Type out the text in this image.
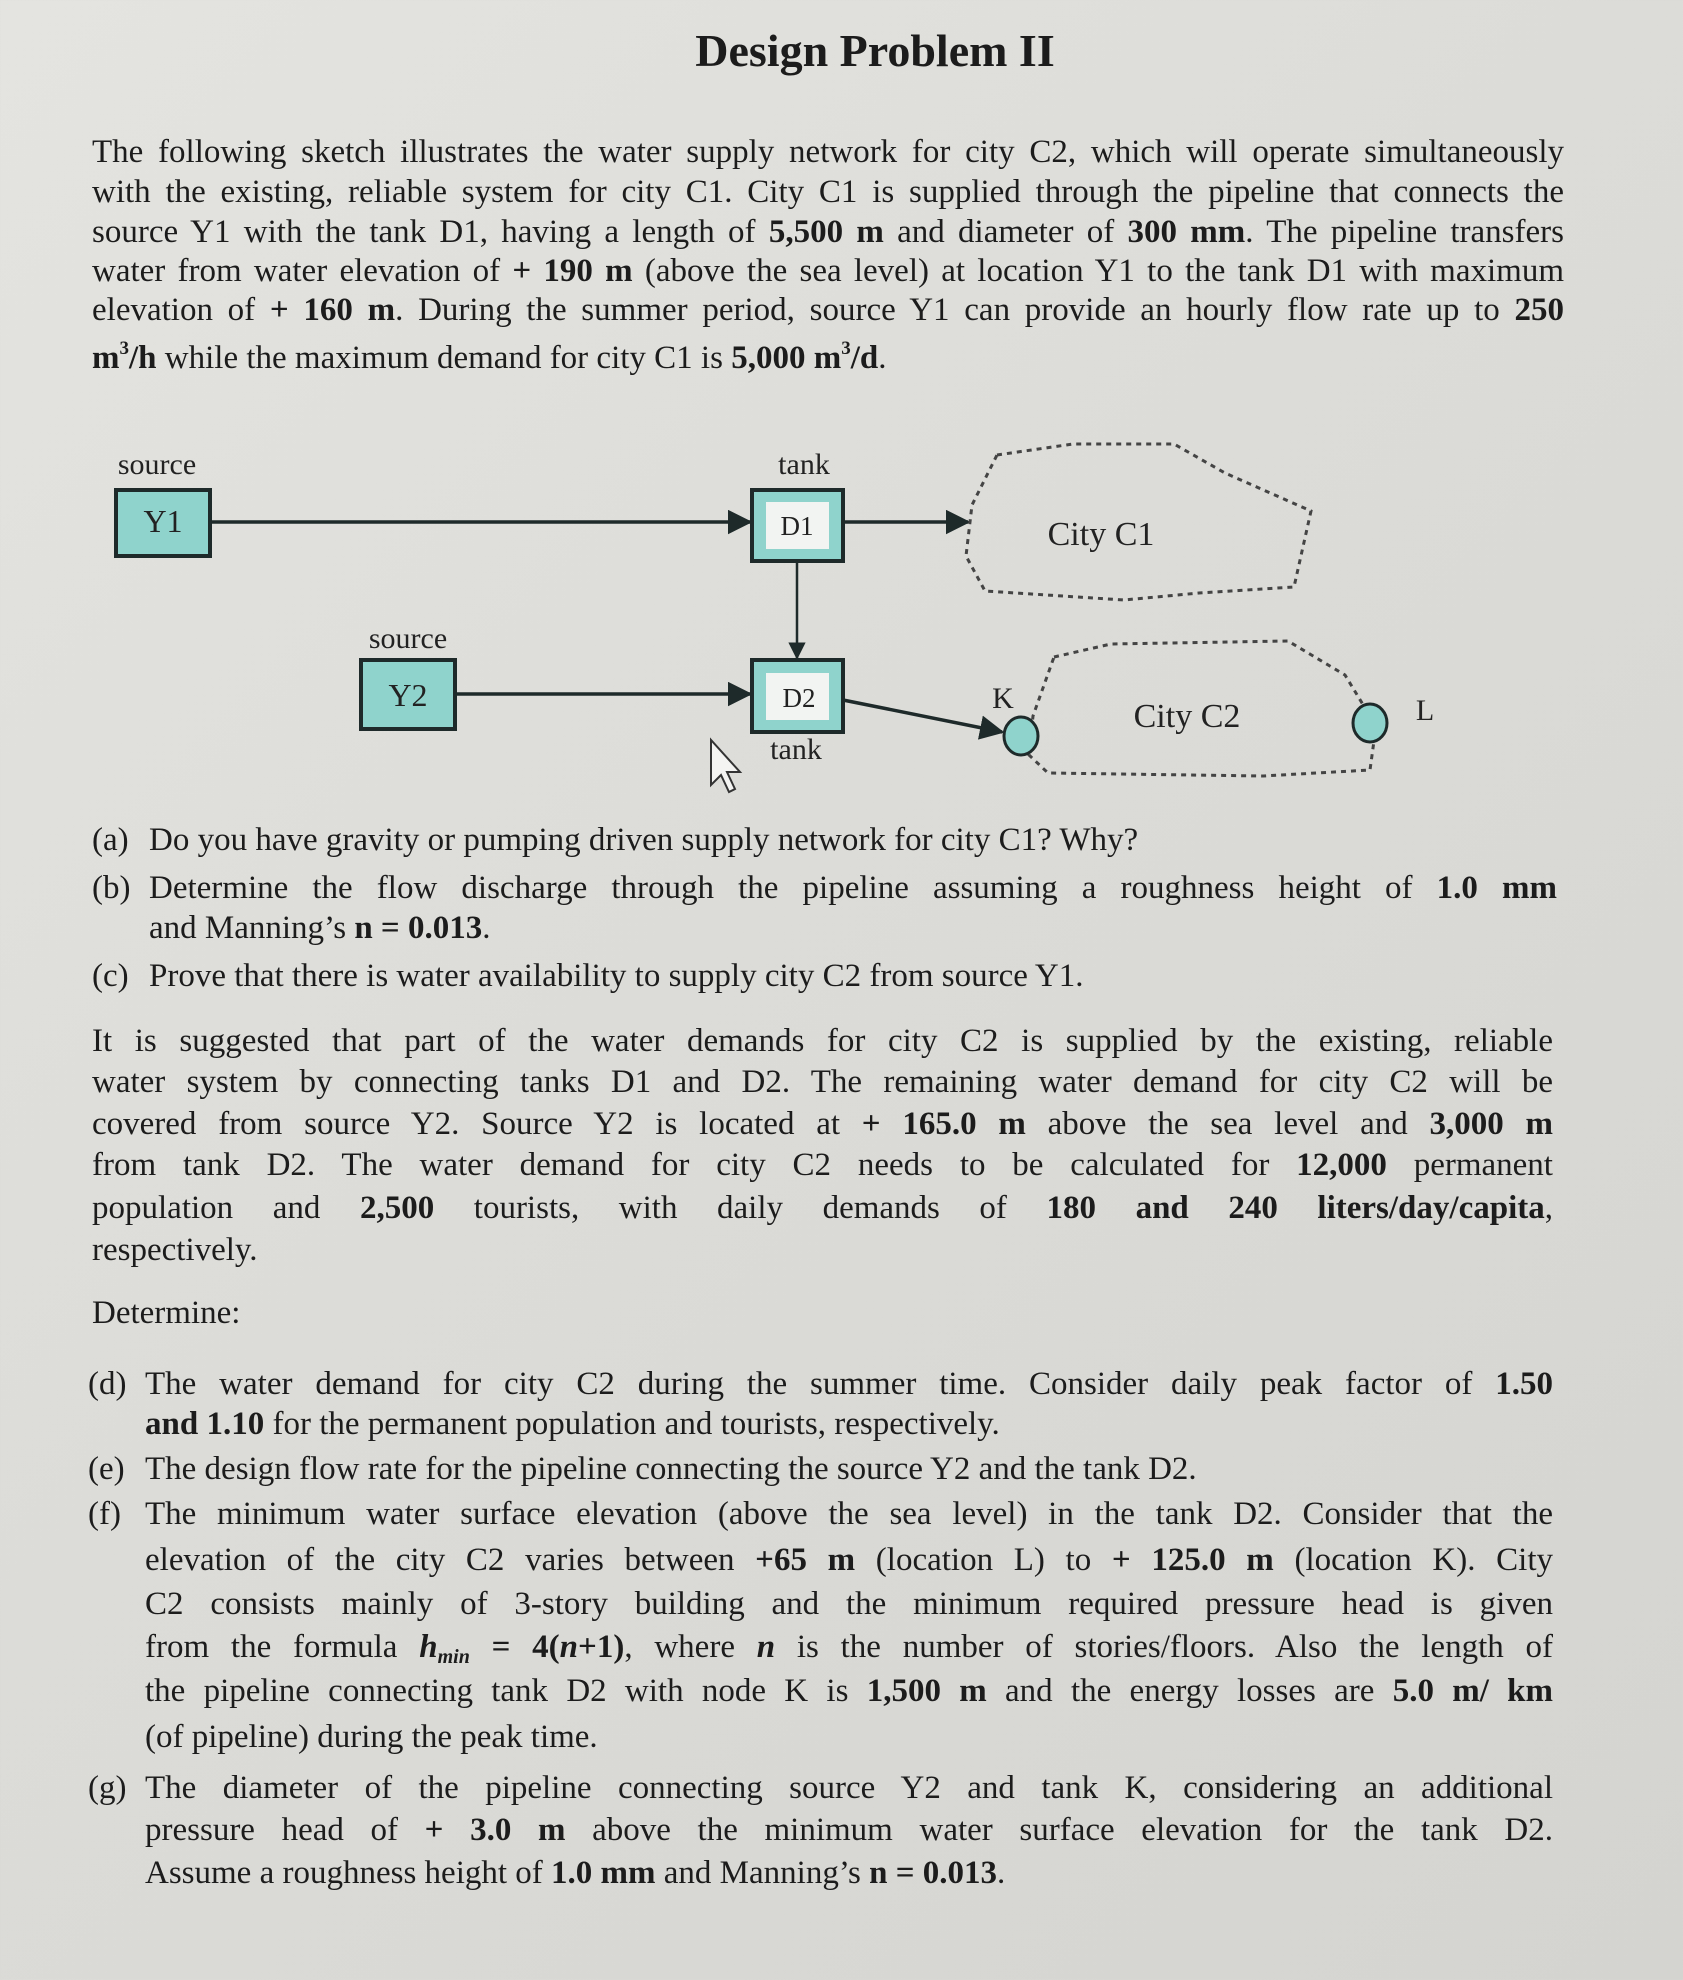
Design Problem II
The following sketch illustrates the water supply network for city C2, which will operate simultaneously
with the existing, reliable system for city C1. City C1 is supplied through the pipeline that connects the
source Y1 with the tank D1, having a length of 5,500 m and diameter of 300 mm. The pipeline transfers
water from water elevation of + 190 m (above the sea level) at location Y1 to the tank D1 with maximum
elevation of + 160 m. During the summer period, source Y1 can provide an hourly flow rate up to 250
$m^3/h$ while the maximum demand for city C1 is 5,000 $m^3/d$.
(a) Do you have gravity or pumping driven supply network for city C1? Why?
(b) Determine the flow discharge through the pipeline assuming a roughness height of 1.0 mm
and Manning’s n = 0.013.
(c) Prove that there is water availability to supply city C2 from source Y1.
It is suggested that part of the water demands for city C2 is supplied by the existing, reliable
water system by connecting tanks D1 and D2. The remaining water demand for city C2 will be
covered from source Y2. Source Y2 is located at + 165.0 m above the sea level and 3,000 m
from tank D2. The water demand for city C2 needs to be calculated for 12,000 permanent
population and 2,500 tourists, with daily demands of 180 and 240 liters/day/capita,
respectively.
Determine:
(d) The water demand for city C2 during the summer time. Consider daily peak factor of 1.50
and 1.10 for the permanent population and tourists, respectively.
(e) The design flow rate for the pipeline connecting the source Y2 and the tank D2.
(f) The minimum water surface elevation (above the sea level) in the tank D2. Consider that the
elevation of the city C2 varies between +65 m (location L) to + 125.0 m (location K). City
C2 consists mainly of 3-story building and the minimum required pressure head is given
from the formula $h_{min} = 4(n+1)$, where n is the number of stories/floors. Also the length of
the pipeline connecting tank D2 with node K is 1,500 m and the energy losses are 5.0 m/ km
(of pipeline) during the peak time.
(g) The diameter of the pipeline connecting source Y2 and tank K, considering an additional
pressure head of + 3.0 m above the minimum water surface elevation for the tank D2.
Assume a roughness height of 1.0 mm and Manning’s n = 0.013.
source	tank
source
tank
Y1	D1
D2
Y2
City C1
City C2
K	L
